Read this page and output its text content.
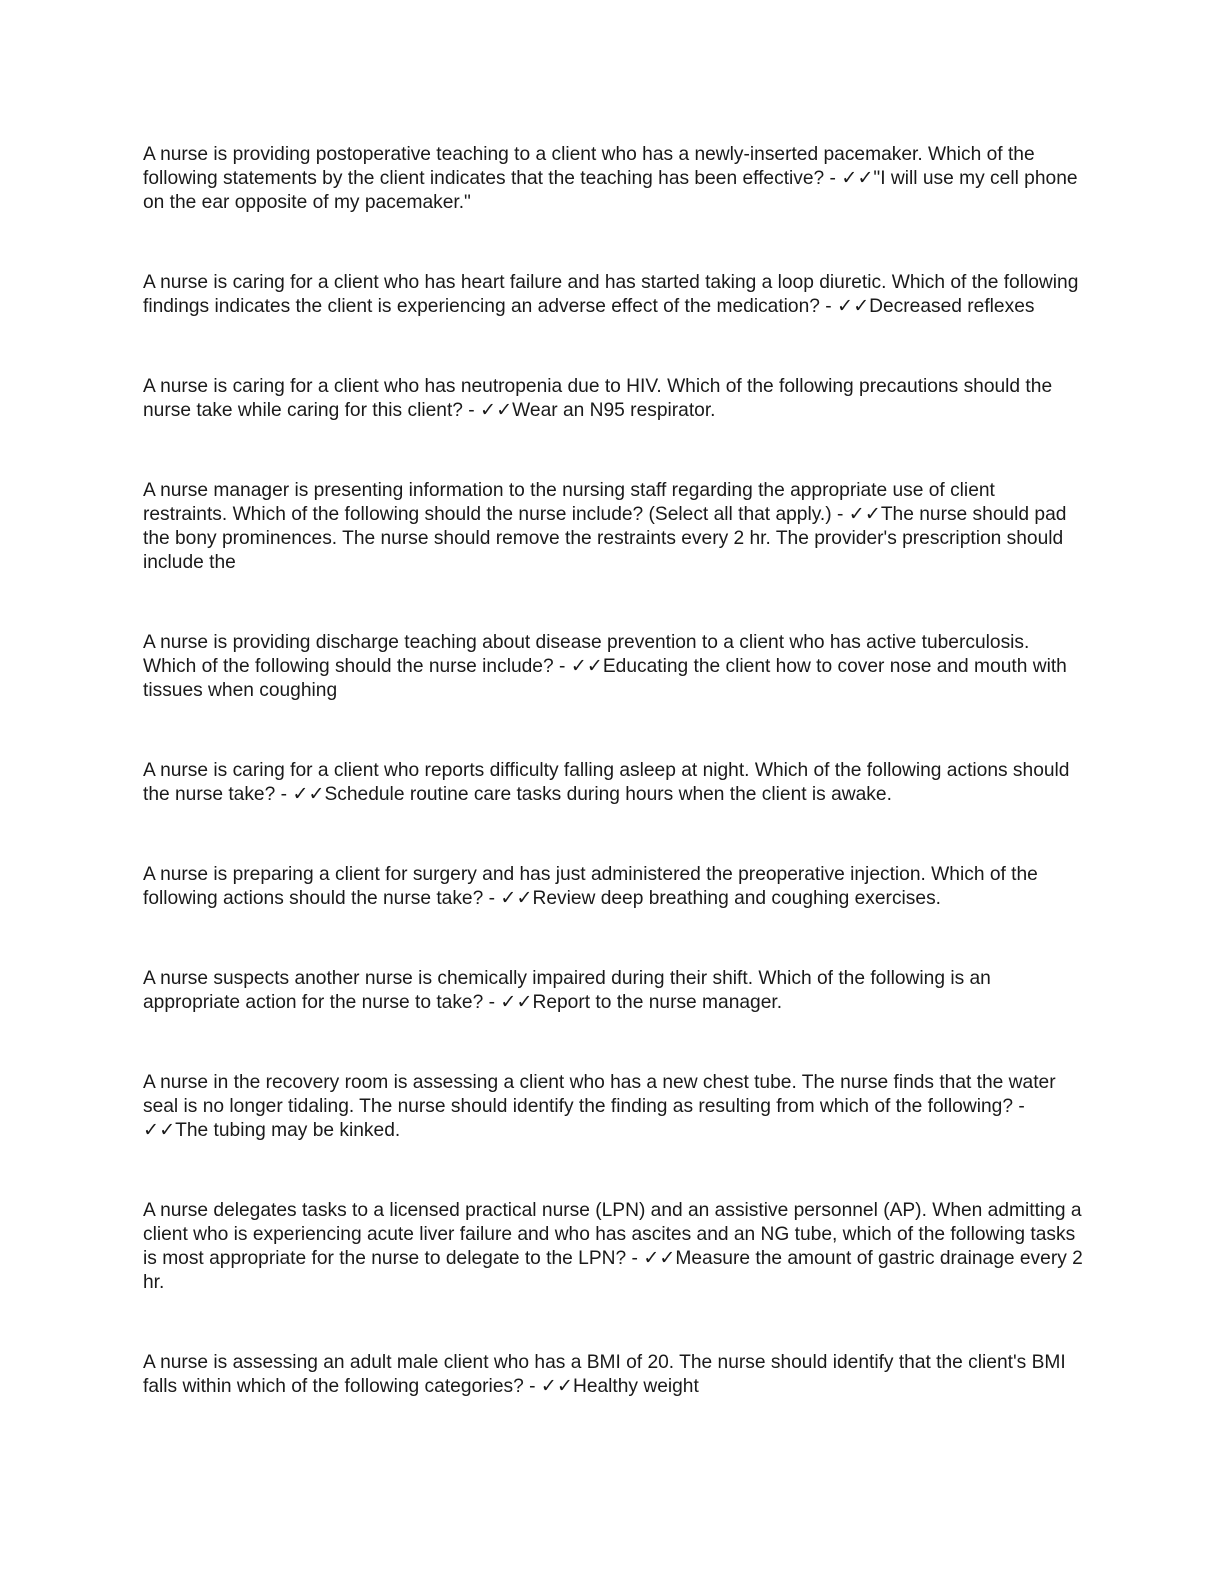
A nurse is providing postoperative teaching to a client who has a newly-inserted pacemaker. Which of the following statements by the client indicates that the teaching has been effective? - ✓✓"I will use my cell phone on the ear opposite of my pacemaker."

A nurse is caring for a client who has heart failure and has started taking a loop diuretic. Which of the following findings indicates the client is experiencing an adverse effect of the medication? - ✓✓Decreased reflexes

A nurse is caring for a client who has neutropenia due to HIV. Which of the following precautions should the nurse take while caring for this client? - ✓✓Wear an N95 respirator.

A nurse manager is presenting information to the nursing staff regarding the appropriate use of client restraints. Which of the following should the nurse include? (Select all that apply.) - ✓✓The nurse should pad the bony prominences. The nurse should remove the restraints every 2 hr. The provider's prescription should include the

A nurse is providing discharge teaching about disease prevention to a client who has active tuberculosis. Which of the following should the nurse include? - ✓✓Educating the client how to cover nose and mouth with tissues when coughing

A nurse is caring for a client who reports difficulty falling asleep at night. Which of the following actions should the nurse take? - ✓✓Schedule routine care tasks during hours when the client is awake.

A nurse is preparing a client for surgery and has just administered the preoperative injection. Which of the following actions should the nurse take? - ✓✓Review deep breathing and coughing exercises.

A nurse suspects another nurse is chemically impaired during their shift. Which of the following is an appropriate action for the nurse to take? - ✓✓Report to the nurse manager.

A nurse in the recovery room is assessing a client who has a new chest tube. The nurse finds that the water seal is no longer tidaling. The nurse should identify the finding as resulting from which of the following? - ✓✓The tubing may be kinked.

A nurse delegates tasks to a licensed practical nurse (LPN) and an assistive personnel (AP). When admitting a client who is experiencing acute liver failure and who has ascites and an NG tube, which of the following tasks is most appropriate for the nurse to delegate to the LPN? - ✓✓Measure the amount of gastric drainage every 2 hr.

A nurse is assessing an adult male client who has a BMI of 20. The nurse should identify that the client's BMI falls within which of the following categories? - ✓✓Healthy weight
